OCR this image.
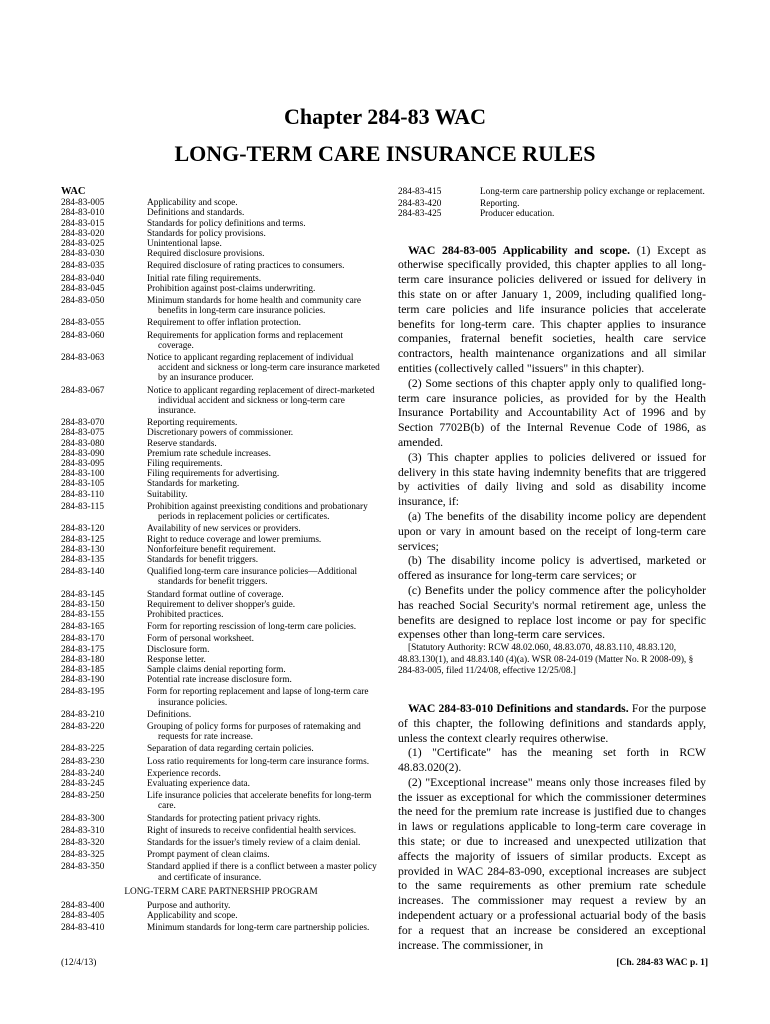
Chapter 284-83 WAC
LONG-TERM CARE INSURANCE RULES
WAC
284-83-005	Applicability and scope.
284-83-010	Definitions and standards.
284-83-015	Standards for policy definitions and terms.
284-83-020	Standards for policy provisions.
284-83-025	Unintentional lapse.
284-83-030	Required disclosure provisions.
284-83-035	Required disclosure of rating practices to consumers.
284-83-040	Initial rate filing requirements.
284-83-045	Prohibition against post-claims underwriting.
284-83-050	Minimum standards for home health and community care benefits in long-term care insurance policies.
284-83-055	Requirement to offer inflation protection.
284-83-060	Requirements for application forms and replacement coverage.
284-83-063	Notice to applicant regarding replacement of individual accident and sickness or long-term care insurance marketed by an insurance producer.
284-83-067	Notice to applicant regarding replacement of direct-marketed individual accident and sickness or long-term care insurance.
284-83-070	Reporting requirements.
284-83-075	Discretionary powers of commissioner.
284-83-080	Reserve standards.
284-83-090	Premium rate schedule increases.
284-83-095	Filing requirements.
284-83-100	Filing requirements for advertising.
284-83-105	Standards for marketing.
284-83-110	Suitability.
284-83-115	Prohibition against preexisting conditions and probationary periods in replacement policies or certificates.
284-83-120	Availability of new services or providers.
284-83-125	Right to reduce coverage and lower premiums.
284-83-130	Nonforfeiture benefit requirement.
284-83-135	Standards for benefit triggers.
284-83-140	Qualified long-term care insurance policies—Additional standards for benefit triggers.
284-83-145	Standard format outline of coverage.
284-83-150	Requirement to deliver shopper's guide.
284-83-155	Prohibited practices.
284-83-165	Form for reporting rescission of long-term care policies.
284-83-170	Form of personal worksheet.
284-83-175	Disclosure form.
284-83-180	Response letter.
284-83-185	Sample claims denial reporting form.
284-83-190	Potential rate increase disclosure form.
284-83-195	Form for reporting replacement and lapse of long-term care insurance policies.
284-83-210	Definitions.
284-83-220	Grouping of policy forms for purposes of ratemaking and requests for rate increase.
284-83-225	Separation of data regarding certain policies.
284-83-230	Loss ratio requirements for long-term care insurance forms.
284-83-240	Experience records.
284-83-245	Evaluating experience data.
284-83-250	Life insurance policies that accelerate benefits for long-term care.
284-83-300	Standards for protecting patient privacy rights.
284-83-310	Right of insureds to receive confidential health services.
284-83-320	Standards for the issuer's timely review of a claim denial.
284-83-325	Prompt payment of clean claims.
284-83-350	Standard applied if there is a conflict between a master policy and certificate of insurance.
LONG-TERM CARE PARTNERSHIP PROGRAM
284-83-400	Purpose and authority.
284-83-405	Applicability and scope.
284-83-410	Minimum standards for long-term care partnership policies.
284-83-415	Long-term care partnership policy exchange or replacement.
284-83-420	Reporting.
284-83-425	Producer education.

WAC 284-83-005 Applicability and scope. (1) Except as otherwise specifically provided, this chapter applies to all long-term care insurance policies delivered or issued for delivery in this state on or after January 1, 2009, including qualified long-term care policies and life insurance policies that accelerate benefits for long-term care. This chapter applies to insurance companies, fraternal benefit societies, health care service contractors, health maintenance organizations and all similar entities (collectively called "issuers" in this chapter).

(2) Some sections of this chapter apply only to qualified long-term care insurance policies, as provided for by the Health Insurance Portability and Accountability Act of 1996 and by Section 7702B(b) of the Internal Revenue Code of 1986, as amended.

(3) This chapter applies to policies delivered or issued for delivery in this state having indemnity benefits that are triggered by activities of daily living and sold as disability income insurance, if:

(a) The benefits of the disability income policy are dependent upon or vary in amount based on the receipt of long-term care services;

(b) The disability income policy is advertised, marketed or offered as insurance for long-term care services; or

(c) Benefits under the policy commence after the policyholder has reached Social Security's normal retirement age, unless the benefits are designed to replace lost income or pay for specific expenses other than long-term care services.

[Statutory Authority: RCW 48.02.060, 48.83.070, 48.83.110, 48.83.120, 48.83.130(1), and 48.83.140 (4)(a). WSR 08-24-019 (Matter No. R 2008-09), § 284-83-005, filed 11/24/08, effective 12/25/08.]

WAC 284-83-010 Definitions and standards. For the purpose of this chapter, the following definitions and standards apply, unless the context clearly requires otherwise.

(1) "Certificate" has the meaning set forth in RCW 48.83.020(2).

(2) "Exceptional increase" means only those increases filed by the issuer as exceptional for which the commissioner determines the need for the premium rate increase is justified due to changes in laws or regulations applicable to long-term care coverage in this state; or due to increased and unexpected utilization that affects the majority of issuers of similar products. Except as provided in WAC 284-83-090, exceptional increases are subject to the same requirements as other premium rate schedule increases. The commissioner may request a review by an independent actuary or a professional actuarial body of the basis for a request that an increase be considered an exceptional increase. The commissioner, in

(12/4/13)	[Ch. 284-83 WAC p. 1]
